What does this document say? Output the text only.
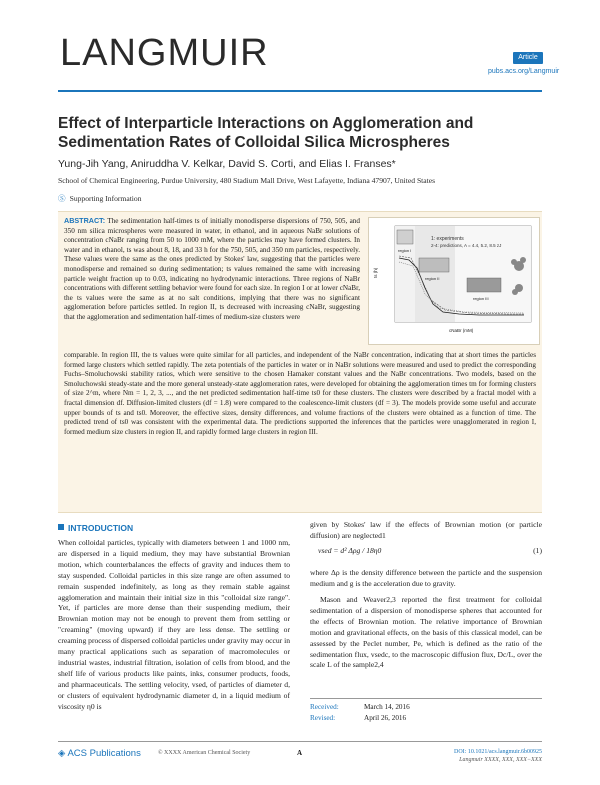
LANGMUIR	Article
pubs.acs.org/Langmuir
Effect of Interparticle Interactions on Agglomeration and Sedimentation Rates of Colloidal Silica Microspheres
Yung-Jih Yang, Aniruddha V. Kelkar, David S. Corti, and Elias I. Franses*
School of Chemical Engineering, Purdue University, 480 Stadium Mall Drive, West Lafayette, Indiana 47907, United States
Ⓢ Supporting Information
ABSTRACT: The sedimentation half-times ts of initially monodisperse dispersions of 750, 505, and 350 nm silica microspheres were measured in water, in ethanol, and in aqueous NaBr solutions of concentration cNaBr ranging from 50 to 1000 mM, where the particles may have formed clusters. In water and in ethanol, ts was about 8, 18, and 33 h for the 750, 505, and 350 nm particles, respectively. These values were the same as the ones predicted by Stokes' law, suggesting that the particles were monodisperse and remained so during sedimentation; ts values remained the same with increasing particle weight fraction up to 0.03, indicating no hydrodynamic interactions. Three regions of NaBr concentrations with different settling behavior were found for each size. In region I or at lower cNaBr, the ts values were the same as at no salt conditions, implying that there was no significant agglomeration before particles settled. In region II, ts decreased with increasing cNaBr, suggesting that the agglomeration and sedimentation half-times of medium-size clusters were
1: experiments
2-4: predictions, A = 4.4, 5.2, 8.5 zJ
region I
region II
region III
cNaBr (mM)
ts (h)
comparable. In region III, the ts values were quite similar for all particles, and independent of the NaBr concentration, indicating that at short times the particles formed large clusters which settled rapidly. The zeta potentials of the particles in water or in NaBr solutions were measured and used to predict the corresponding Fuchs–Smoluchowski stability ratios, which were sensitive to the chosen Hamaker constant values and the NaBr concentrations. Two models, based on the Smoluchowski steady-state and the more general unsteady-state agglomeration rates, were developed for obtaining the agglomeration times tm for forming clusters of size 2^m, where Nm = 1, 2, 3, ..., and the net predicted sedimentation half-time ts0 for these clusters. The clusters were described by a fractal model with a fractal dimension df. Diffusion-limited clusters (df = 1.8) were compared to the coalescence-limit clusters (df = 3). The models provide some useful and accurate upper bounds of ts and ts0. Moreover, the effective sizes, density differences, and volume fractions of the clusters were obtained as a function of time. The predicted trend of ts0 was consistent with the experimental data. The predictions supported the inferences that the particles were unagglomerated in region I, formed medium size clusters in region II, and rapidly formed large clusters in region III.
INTRODUCTION
When colloidal particles, typically with diameters between 1 and 1000 nm, are dispersed in a liquid medium, they may have substantial Brownian motion, which counterbalances the effects of gravity and induces them to stay suspended. Colloidal particles in this size range are often assumed to remain suspended indefinitely, as long as they remain stable against agglomeration and maintain their initial size in this "colloidal size range". Yet, if particles are more dense than their suspending medium, their Brownian motion may not be enough to prevent them from settling or "creaming" (moving upward) if they are less dense. The settling or creaming process of dispersed colloidal particles under gravity may occur in many practical applications such as separation of macromolecules or industrial wastes, industrial filtration, isolation of cells from blood, and the shelf life of various products like paints, inks, consumer products, foods, and pharmaceuticals. The settling velocity, vsed, of particles of diameter d, or clusters of equivalent hydrodynamic diameter d, in a liquid medium of viscosity η0 is
given by Stokes' law if the effects of Brownian motion (or particle diffusion) are neglected1
vsed = d² Δρg / 18η0	(1)
where Δρ is the density difference between the particle and the suspension medium and g is the acceleration due to gravity.
Mason and Weaver2,3 reported the first treatment for colloidal sedimentation of a dispersion of monodisperse spheres that accounted for the effects of Brownian motion. The relative importance of Brownian motion and gravitational effects, on the basis of this classical model, can be assessed by the Peclet number, Pe, which is defined as the ratio of the sedimentation flux, vsedc, to the macroscopic diffusion flux, Dc/L, over the scale L of the sample2,4
Received:	March 14, 2016
Revised:	April 26, 2016
◈ ACS Publications	© XXXX American Chemical Society	A	DOI: 10.1021/acs.langmuir.6b00925
Langmuir XXXX, XXX, XXX−XXX
